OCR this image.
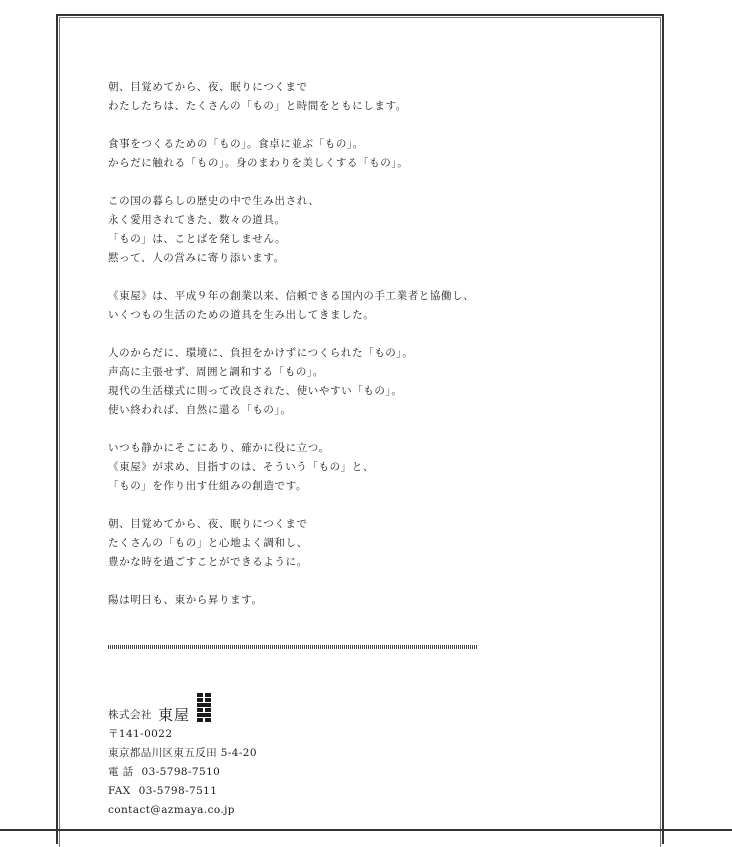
朝、目覚めてから、夜、眠りにつくまで
わたしたちは、たくさんの「もの」と時間をともにします。
食事をつくるための「もの」。食卓に並ぶ「もの」。
からだに触れる「もの」。身のまわりを美しくする「もの」。
この国の暮らしの歴史の中で生み出され、
永く愛用されてきた、数々の道具。
「もの」は、ことばを発しません。
黙って、人の営みに寄り添います。
《東屋》は、平成９年の創業以来、信頼できる国内の手工業者と協働し、
いくつもの生活のための道具を生み出してきました。
人のからだに、環境に、負担をかけずにつくられた「もの」。
声高に主張せず、周囲と調和する「もの」。
現代の生活様式に則って改良された、使いやすい「もの」。
使い終われば、自然に還る「もの」。
いつも静かにそこにあり、確かに役に立つ。
《東屋》が求め、目指すのは、そういう「もの」と、
「もの」を作り出す仕組みの創造です。
朝、目覚めてから、夜、眠りにつくまで
たくさんの「もの」と心地よく調和し、
豊かな時を過ごすことができるように。
陽は明日も、東から昇ります。
株式会社 東屋
〒141-0022
東京都品川区東五反田 5-4-20
電 話 03-5798-7510
FAX 03-5798-7511
contact@azmaya.co.jp
